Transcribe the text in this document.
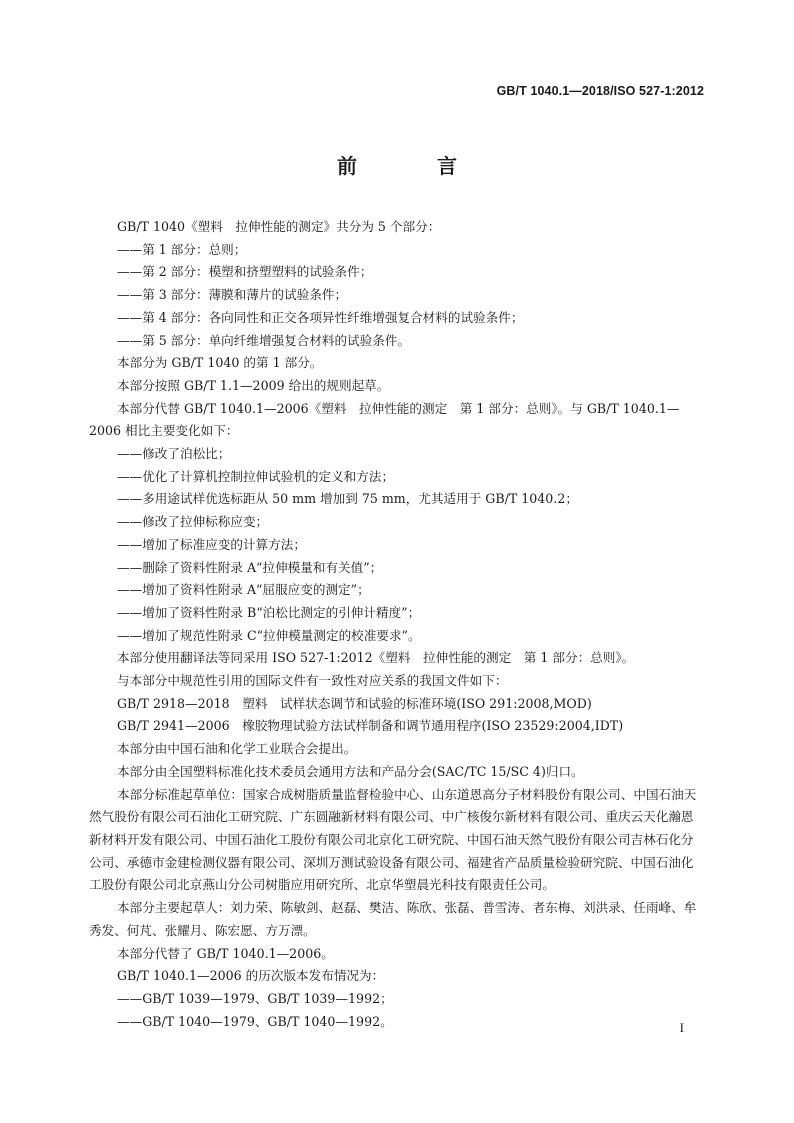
GB/T 1040.1—2018/ISO 527-1:2012
前　言

GB/T 1040《塑料　拉伸性能的测定》共分为 5 个部分：

——第 1 部分：总则；

——第 2 部分：模塑和挤塑塑料的试验条件；

——第 3 部分：薄膜和薄片的试验条件；

——第 4 部分：各向同性和正交各项异性纤维增强复合材料的试验条件；

——第 5 部分：单向纤维增强复合材料的试验条件。

本部分为 GB/T 1040 的第 1 部分。

本部分按照 GB/T 1.1—2009 给出的规则起草。

本部分代替 GB/T 1040.1—2006《塑料　拉伸性能的测定　第 1 部分：总则》。与 GB/T 1040.1—2006 相比主要变化如下：

——修改了泊松比；

——优化了计算机控制拉伸试验机的定义和方法；

——多用途试样优选标距从 50 mm 增加到 75 mm，尤其适用于 GB/T 1040.2；

——修改了拉伸标称应变；

——增加了标准应变的计算方法；

——删除了资料性附录 A“拉伸模量和有关值”；

——增加了资料性附录 A“屈服应变的测定”；

——增加了资料性附录 B“泊松比测定的引伸计精度”；

——增加了规范性附录 C“拉伸模量测定的校准要求”。

本部分使用翻译法等同采用 ISO 527-1:2012《塑料　拉伸性能的测定　第 1 部分：总则》。

与本部分中规范性引用的国际文件有一致性对应关系的我国文件如下：

GB/T 2918—2018　塑料　试样状态调节和试验的标准环境(ISO 291:2008,MOD)

GB/T 2941—2006　橡胶物理试验方法试样制备和调节通用程序(ISO 23529:2004,IDT)

本部分由中国石油和化学工业联合会提出。

本部分由全国塑料标准化技术委员会通用方法和产品分会(SAC/TC 15/SC 4)归口。

本部分标准起草单位：国家合成树脂质量监督检验中心、山东道恩高分子材料股份有限公司、中国石油天然气股份有限公司石油化工研究院、广东圆融新材料有限公司、中广核俊尔新材料有限公司、重庆云天化瀚恩新材料开发有限公司、中国石油化工股份有限公司北京化工研究院、中国石油天然气股份有限公司吉林石化分公司、承德市金建检测仪器有限公司、深圳万测试验设备有限公司、福建省产品质量检验研究院、中国石油化工股份有限公司北京燕山分公司树脂应用研究所、北京华塑晨光科技有限责任公司。

本部分主要起草人：刘力荣、陈敏剑、赵磊、樊洁、陈欣、张磊、普雪涛、者东梅、刘洪录、任雨峰、牟秀发、何芃、张耀月、陈宏愿、方万漂。

本部分代替了 GB/T 1040.1—2006。

GB/T 1040.1—2006 的历次版本发布情况为：

——GB/T 1039—1979、GB/T 1039—1992；

——GB/T 1040—1979、GB/T 1040—1992。	I
